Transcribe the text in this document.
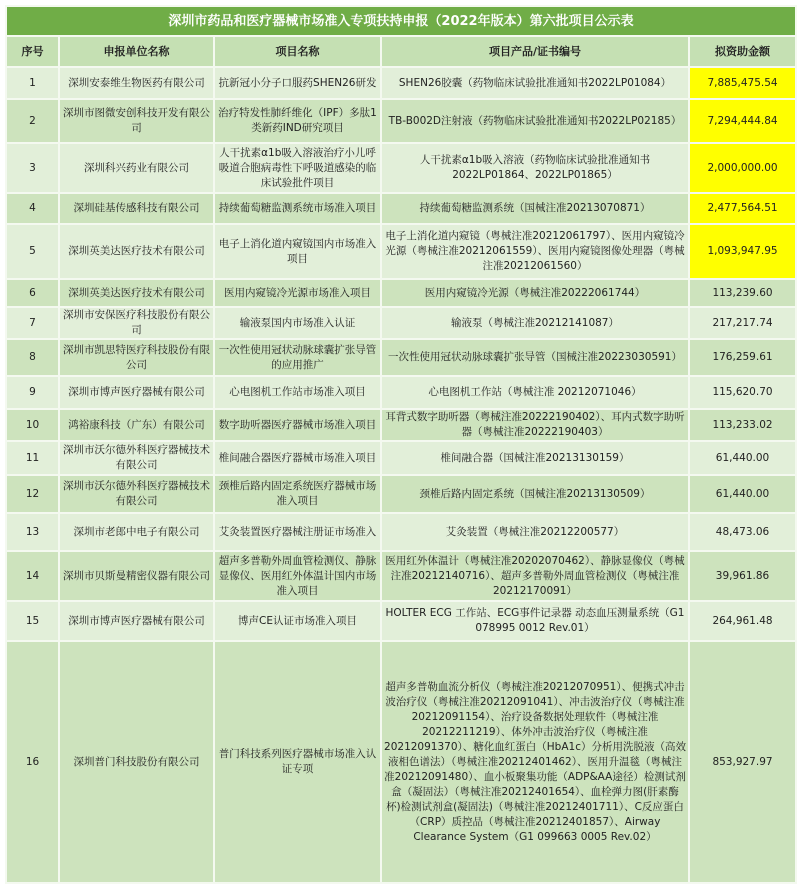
深圳市药品和医疗器械市场准入专项扶持申报（2022年版本）第六批项目公示表				
序号	申报单位名称	项目名称	项目产品/证书编号	拟资助金额
1	深圳安泰维生物医药有限公司	抗新冠小分子口服药SHEN26研发	SHEN26胶囊（药物临床试验批准通知书2022LP01084）	7,885,475.54
2	深圳市图微安创科技开发有限公司	治疗特发性肺纤维化（IPF）多肽1类新药IND研究项目	TB-B002D注射液（药物临床试验批准通知书2022LP02185）	7,294,444.84
3	深圳科兴药业有限公司	人干扰素α1b吸入溶液治疗小儿呼吸道合胞病毒性下呼吸道感染的临床试验批件项目	人干扰素α1b吸入溶液（药物临床试验批准通知书2022LP01864、2022LP01865）	2,000,000.00
4	深圳硅基传感科技有限公司	持续葡萄糖监测系统市场准入项目	持续葡萄糖监测系统（国械注准20213070871）	2,477,564.51
5	深圳英美达医疗技术有限公司	电子上消化道内窥镜国内市场准入项目	电子上消化道内窥镜（粤械注准20212061797）、医用内窥镜冷光源（粤械注准20212061559）、医用内窥镜图像处理器（粤械注准20212061560）	1,093,947.95
6	深圳英美达医疗技术有限公司	医用内窥镜冷光源市场准入项目	医用内窥镜冷光源（粤械注准20222061744）	113,239.60
7	深圳市安保医疗科技股份有限公司	输液泵国内市场准入认证	输液泵（粤械注准20212141087）	217,217.74
8	深圳市凯思特医疗科技股份有限公司	一次性使用冠状动脉球囊扩张导管的应用推广	一次性使用冠状动脉球囊扩张导管（国械注准20223030591）	176,259.61
9	深圳市博声医疗器械有限公司	心电图机工作站市场准入项目	心电图机工作站（粤械注准 20212071046）	115,620.70
10	鸿裕康科技（广东）有限公司	数字助听器医疗器械市场准入项目	耳背式数字助听器（粤械注准20222190402）、耳内式数字助听器（粤械注准20222190403）	113,233.02
11	深圳市沃尔德外科医疗器械技术有限公司	椎间融合器医疗器械市场准入项目	椎间融合器（国械注准20213130159）	61,440.00
12	深圳市沃尔德外科医疗器械技术有限公司	颈椎后路内固定系统医疗器械市场准入项目	颈椎后路内固定系统（国械注准20213130509）	61,440.00
13	深圳市老郎中电子有限公司	艾灸装置医疗器械注册证市场准入	艾灸装置（粤械注准20212200577）	48,473.06
14	深圳市贝斯曼精密仪器有限公司	超声多普勒外周血管检测仪、静脉显像仪、医用红外体温计国内市场准入项目	医用红外体温计（粤械注准20202070462）、静脉显像仪（粤械注准20212140716）、超声多普勒外周血管检测仪（粤械注准20212170091）	39,961.86
15	深圳市博声医疗器械有限公司	博声CE认证市场准入项目	HOLTER ECG 工作站、ECG事件记录器 动态血压测量系统（G1 078995 0012 Rev.01）	264,961.48
16	深圳普门科技股份有限公司	普门科技系列医疗器械市场准入认证专项	超声多普勒血流分析仪（粤械注准20212070951）、便携式冲击波治疗仪（粤械注准20212091041）、冲击波治疗仪（粤械注准20212091154）、治疗设备数据处理软件（粤械注准20212211219）、体外冲击波治疗仪（粤械注准20212091370）、糖化血红蛋白（HbA1c）分析用洗脱液（高效液相色谱法）（粤械注准20212401462）、医用升温毯（粤械注准20212091480）、血小板聚集功能（ADP&AA途径）检测试剂盒（凝固法）（粤械注准20212401654）、血栓弹力图(肝素酶杯)检测试剂盒(凝固法)（粤械注准20212401711）、C反应蛋白（CRP）质控品（粤械注准20212401857）、Airway Clearance System（G1 099663 0005 Rev.02）	853,927.97
